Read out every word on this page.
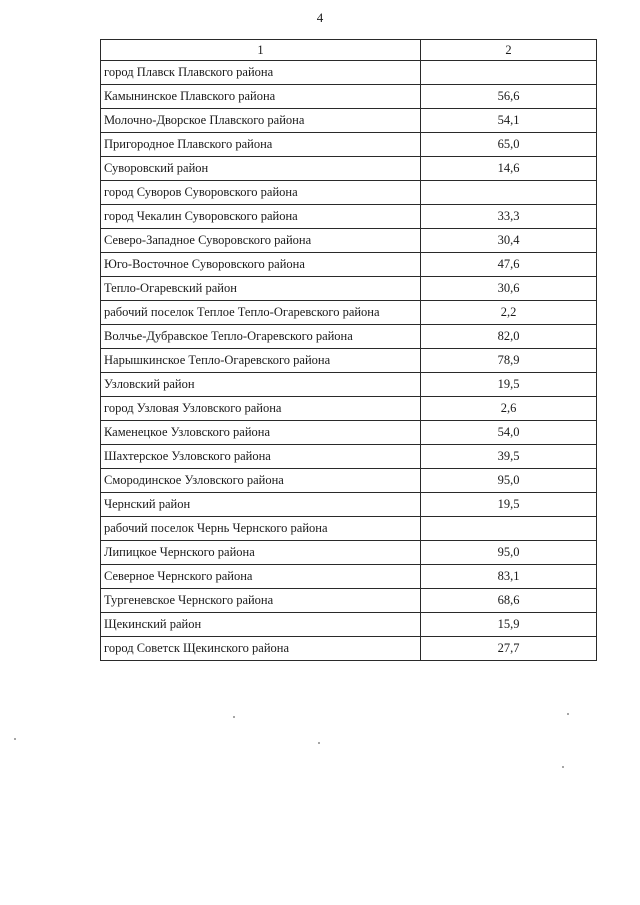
4
1	2
город Плавск Плавского района	
Камынинское Плавского района	56,6
Молочно-Дворское Плавского района	54,1
Пригородное Плавского района	65,0
Суворовский район	14,6
город Суворов Суворовского района	
город Чекалин Суворовского района	33,3
Северо-Западное Суворовского района	30,4
Юго-Восточное Суворовского района	47,6
Тепло-Огаревский район	30,6
рабочий поселок Теплое Тепло-Огаревского района	2,2
Волчье-Дубравское Тепло-Огаревского района	82,0
Нарышкинское Тепло-Огаревского района	78,9
Узловский район	19,5
город Узловая Узловского района	2,6
Каменецкое Узловского района	54,0
Шахтерское Узловского района	39,5
Смородинское Узловского района	95,0
Чернский район	19,5
рабочий поселок Чернь Чернского района	
Липицкое Чернского района	95,0
Северное Чернского района	83,1
Тургеневское Чернского района	68,6
Щекинский район	15,9
город Советск Щекинского района	27,7
